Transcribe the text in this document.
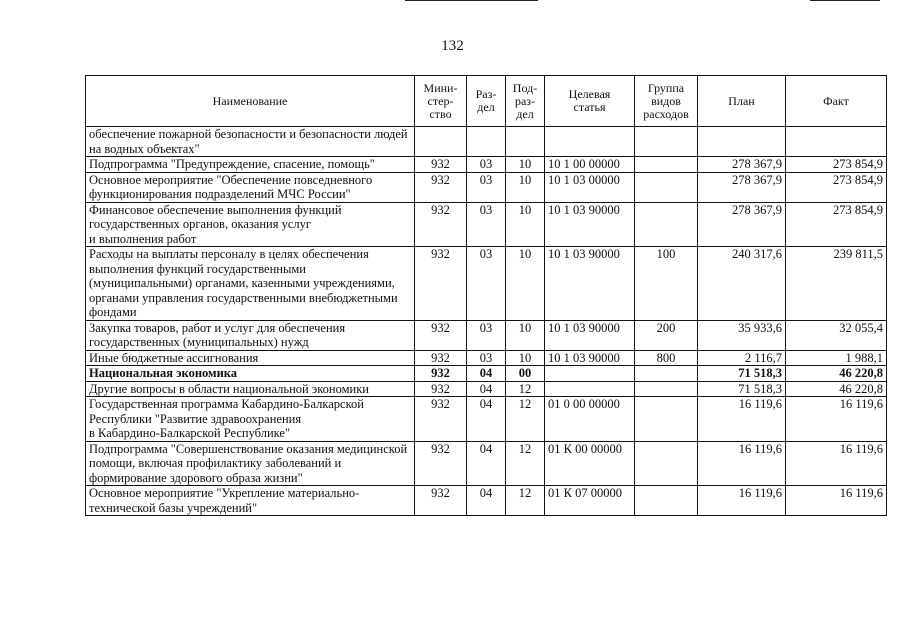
132
Наименование	Мини-
стер-
ство	Раз-
дел	Под-
раз-
дел	Целевая
статья	Группа
видов
расходов	План	Факт
обеспечение пожарной безопасности и безопасности людей на водных объектах"							
Подпрограмма "Предупреждение, спасение, помощь"	932	03	10	10 1 00 00000		278 367,9	273 854,9
Основное мероприятие "Обеспечение повседневного функционирования подразделений МЧС России"	932	03	10	10 1 03 00000		278 367,9	273 854,9
Финансовое обеспечение выполнения функций государственных органов, оказания услуг
и выполнения работ	932	03	10	10 1 03 90000		278 367,9	273 854,9
Расходы на выплаты персоналу в целях обеспечения выполнения функций государственными (муниципальными) органами, казенными учреждениями, органами управления государственными внебюджетными фондами	932	03	10	10 1 03 90000	100	240 317,6	239 811,5
Закупка товаров, работ и услуг для обеспечения государственных (муниципальных) нужд	932	03	10	10 1 03 90000	200	35 933,6	32 055,4
Иные бюджетные ассигнования	932	03	10	10 1 03 90000	800	2 116,7	1 988,1
Национальная экономика	932	04	00			71 518,3	46 220,8
Другие вопросы в области национальной экономики	932	04	12			71 518,3	46 220,8
Государственная программа Кабардино-Балкарской Республики "Развитие здравоохранения
в Кабардино-Балкарской Республике"	932	04	12	01 0 00 00000		16 119,6	16 119,6
Подпрограмма "Совершенствование оказания медицинской помощи, включая профилактику заболеваний и формирование здорового образа жизни"	932	04	12	01 К 00 00000		16 119,6	16 119,6
Основное мероприятие "Укрепление материально-технической базы учреждений"	932	04	12	01 К 07 00000		16 119,6	16 119,6
